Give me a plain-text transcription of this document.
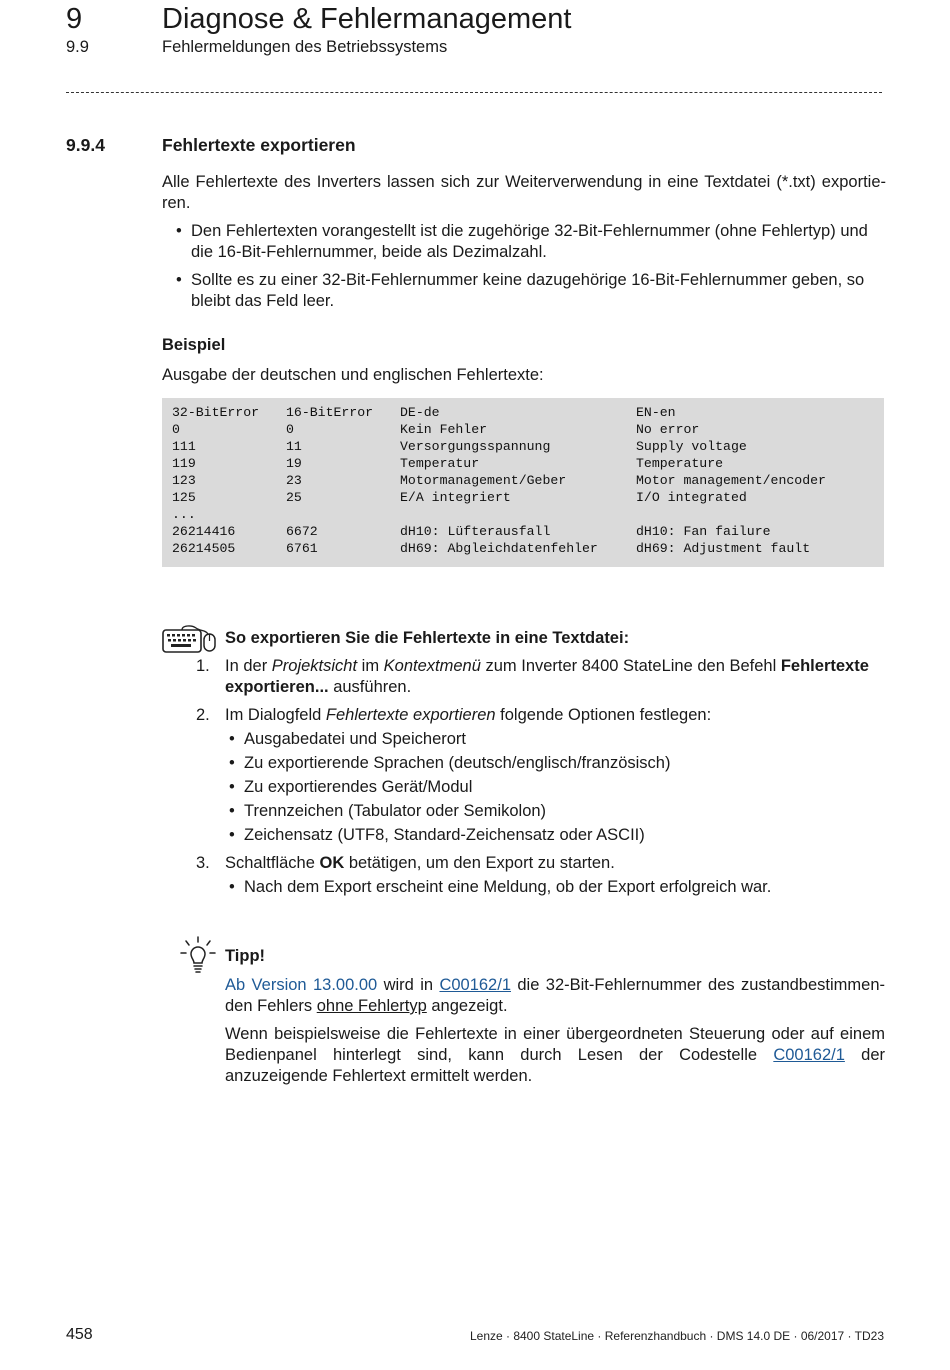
9	Diagnose & Fehlermanagement
9.9	Fehlermeldungen des Betriebssystems
9.9.4	Fehlertexte exportieren
Alle Fehlertexte des Inverters lassen sich zur Weiterverwendung in eine Textdatei (*.txt) exportieren.
• Den Fehlertexten vorangestellt ist die zugehörige 32-Bit-Fehlernummer (ohne Fehlertyp) und die 16-Bit-Fehlernummer, beide als Dezimalzahl.
• Sollte es zu einer 32-Bit-Fehlernummer keine dazugehörige 16-Bit-Fehlernummer geben, so bleibt das Feld leer.
Beispiel
Ausgabe der deutschen und englischen Fehlertexte:
32-BitError	16-BitError	DE-de	EN-en
0	0	Kein Fehler	No error
111	11	Versorgungsspannung	Supply voltage
119	19	Temperatur	Temperature
123	23	Motormanagement/Geber	Motor management/encoder
125	25	E/A integriert	I/O integrated
...			
26214416	6672	dH10: Lüfterausfall	dH10: Fan failure
26214505	6761	dH69: Abgleichdatenfehler	dH69: Adjustment fault
So exportieren Sie die Fehlertexte in eine Textdatei:
1. In der Projektsicht im Kontextmenü zum Inverter 8400 StateLine den Befehl Fehlertexte exportieren... ausführen.
2. Im Dialogfeld Fehlertexte exportieren folgende Optionen festlegen:
• Ausgabedatei und Speicherort
• Zu exportierende Sprachen (deutsch/englisch/französisch)
• Zu exportierendes Gerät/Modul
• Trennzeichen (Tabulator oder Semikolon)
• Zeichensatz (UTF8, Standard-Zeichensatz oder ASCII)
3. Schaltfläche OK betätigen, um den Export zu starten.
• Nach dem Export erscheint eine Meldung, ob der Export erfolgreich war.
Tipp!
Ab Version 13.00.00 wird in C00162/1 die 32-Bit-Fehlernummer des zustandbestimmenden Fehlers ohne Fehlertyp angezeigt.
Wenn beispielsweise die Fehlertexte in einer übergeordneten Steuerung oder auf einem Bedienpanel hinterlegt sind, kann durch Lesen der Codestelle C00162/1 der anzuzeigende Fehlertext ermittelt werden.
458	Lenze · 8400 StateLine · Referenzhandbuch · DMS 14.0 DE · 06/2017 · TD23
